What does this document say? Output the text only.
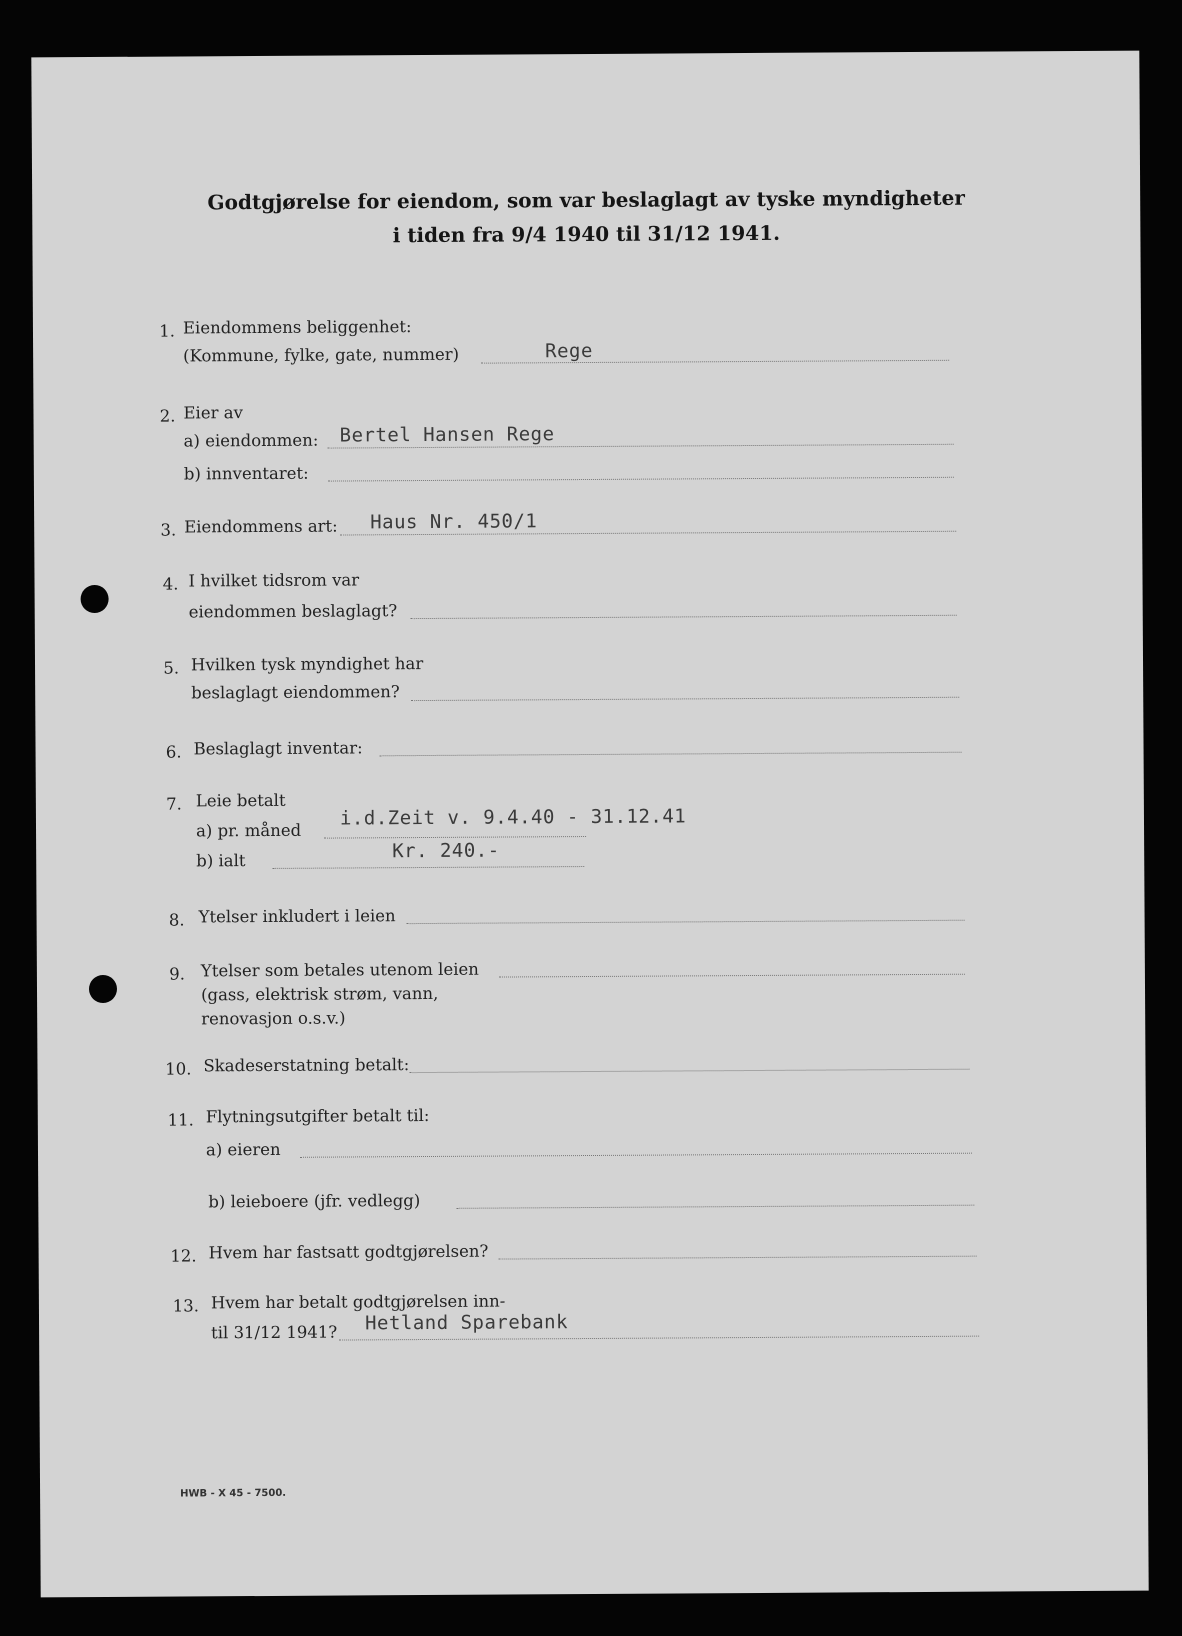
Godtgjørelse for eiendom, som var beslaglagt av tyske myndigheter
i tiden fra 9/4 1940 til 31/12 1941.
1. Eiendommens beliggenhet:
(Kommune, fylke, gate, nummer)	Rege
2. Eier av
a) eiendommen: Bertel Hansen Rege
b) innventaret:
3. Eiendommens art: Haus Nr. 450/1
4. I hvilket tidsrom var
eiendommen beslaglagt?
5. Hvilken tysk myndighet har
beslaglagt eiendommen?
6. Beslaglagt inventar:
7. Leie betalt
a) pr. måned
i.d.Zeit v. 9.4.40 - 31.12.41
b) ialt	Kr. 240.-
8. Ytelser inkludert i leien
9. Ytelser som betales utenom leien
(gass, elektrisk strøm, vann,
renovasjon o.s.v.)
10. Skadeserstatning betalt:
11. Flytningsutgifter betalt til:
a) eieren
b) leieboere (jfr. vedlegg)
12. Hvem har fastsatt godtgjørelsen?
13. Hvem har betalt godtgjørelsen inn-
til 31/12 1941? Hetland Sparebank
HWB - X 45 - 7500.
